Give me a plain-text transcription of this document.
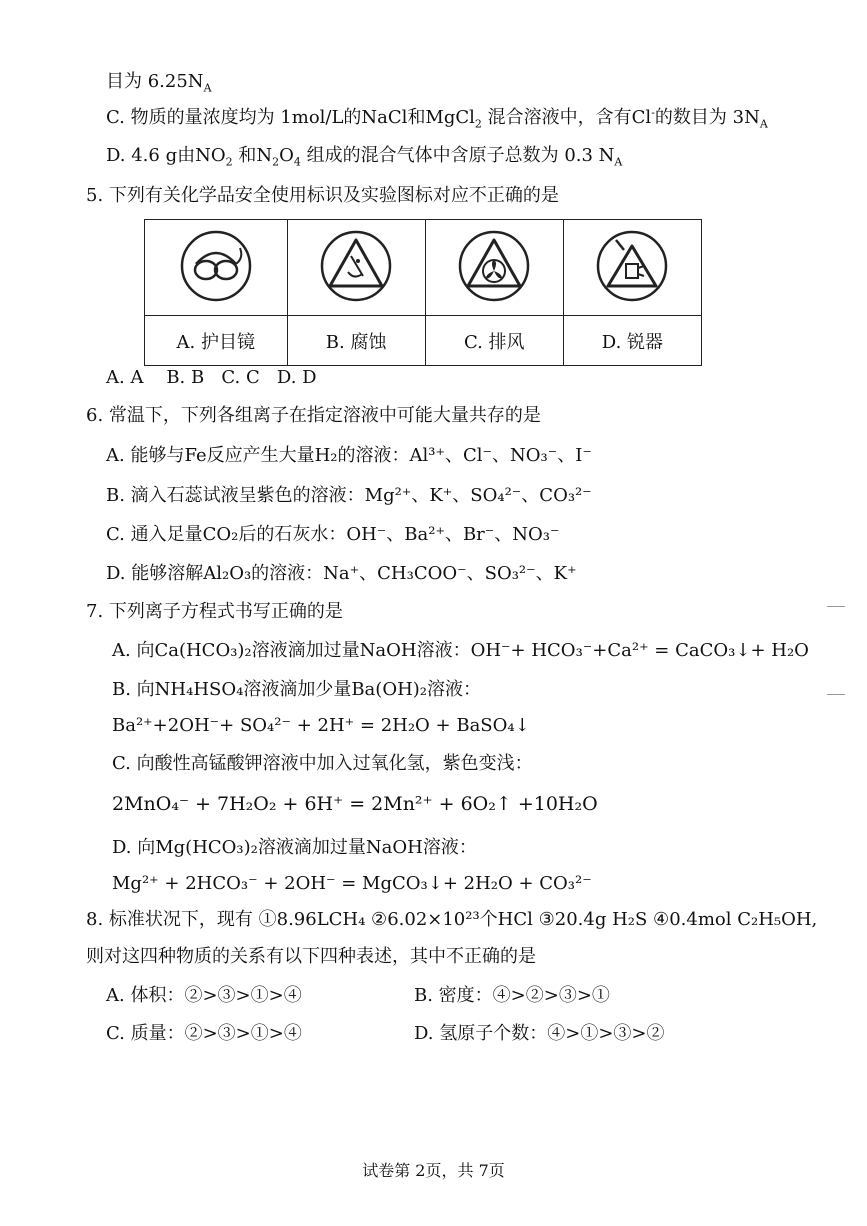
目为 $6.25N_A$
C. 物质的量浓度均为 1mol/L的NaCl和MgCl$_2$ 混合溶液中，含有Cl-的数目为 $3N_A$
D. 4.6 g由$NO_2$ 和$N_2O_4$ 组成的混合气体中含原子总数为 0.3 $N_A$
5. 下列有关化学品安全使用标识及实验图标对应不正确的是

A. 护目镜	B. 腐蚀	C. 排风	D. 锐器
A. A    B. B   C. C   D. D
6. 常温下，下列各组离子在指定溶液中可能大量共存的是
A. 能够与Fe反应产生大量H₂的溶液：Al³⁺、Cl⁻、NO₃⁻、I⁻
B. 滴入石蕊试液呈紫色的溶液：Mg²⁺、K⁺、SO₄²⁻、CO₃²⁻
C. 通入足量CO₂后的石灰水：OH⁻、Ba²⁺、Br⁻、NO₃⁻
D. 能够溶解Al₂O₃的溶液：Na⁺、CH₃COO⁻、SO₃²⁻、K⁺
7. 下列离子方程式书写正确的是
A. 向Ca(HCO₃)₂溶液滴加过量NaOH溶液：OH⁻+ HCO₃⁻+Ca²⁺ = CaCO₃↓+ H₂O
B. 向NH₄HSO₄溶液滴加少量Ba(OH)₂溶液：
Ba²⁺+2OH⁻+ SO₄²⁻ + 2H⁺ = 2H₂O + BaSO₄↓
C. 向酸性高锰酸钾溶液中加入过氧化氢，紫色变浅：
2MnO₄⁻ + 7H₂O₂ + 6H⁺ = 2Mn²⁺ + 6O₂↑ +10H₂O
D. 向Mg(HCO₃)₂溶液滴加过量NaOH溶液：
Mg²⁺ + 2HCO₃⁻ + 2OH⁻ = MgCO₃↓+ 2H₂O + CO₃²⁻
8. 标准状况下，现有 ①8.96LCH₄ ②6.02×10²³个HCl ③20.4g H₂S ④0.4mol C₂H₅OH,
则对这四种物质的关系有以下四种表述，其中不正确的是
A. 体积：②>③>①>④	B. 密度：④>②>③>①
C. 质量：②>③>①>④	D. 氢原子个数：④>①>③>②
试卷第 2页，共 7页
